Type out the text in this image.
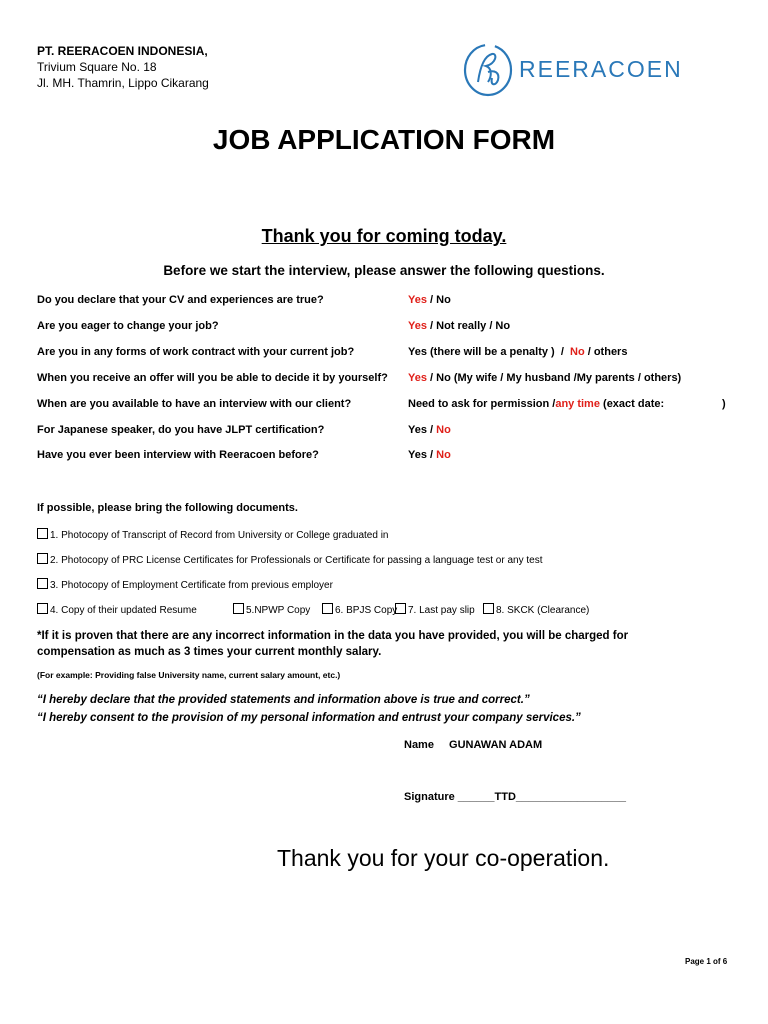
PT. REERACOEN INDONESIA,
Trivium Square No. 18
Jl. MH. Thamrin, Lippo Cikarang
REERACOEN
JOB APPLICATION FORM
Thank you for coming today.
Before we start the interview, please answer the following questions.
Do you declare that your CV and experiences are true?	Yes / No
Are you eager to change your job?	Yes / Not really / No
Are you in any forms of work contract with your current job?	Yes (there will be a penalty )  /  No / others
When you receive an offer will you be able to decide it by yourself? Yes / No (My wife / My husband /My parents / others)
When are you available to have an interview with our client?	Need to ask for permission /any time (exact date:	)
For Japanese speaker, do you have JLPT certification?	Yes / No
Have you ever been interview with Reeracoen before?	Yes / No
If possible, please bring the following documents.
1. Photocopy of Transcript of Record from University or College graduated in
2. Photocopy of PRC License Certificates for Professionals or Certificate for passing a language test or any test
3. Photocopy of Employment Certificate from previous employer
4. Copy of their updated Resume	5.NPWP Copy	6. BPJS Copy	7. Last pay slip	8. SKCK (Clearance)
*If it is proven that there are any incorrect information in the data you have provided, you will be charged for compensation as much as 3 times your current monthly salary.
(For example: Providing false University name, current salary amount, etc.)
“I hereby declare that the provided statements and information above is true and correct.”
“I hereby consent to the provision of my personal information and entrust your company services.”
Name GUNAWAN ADAM
Signature ______TTD__________________
Thank you for your co-operation.
Page 1 of 6
